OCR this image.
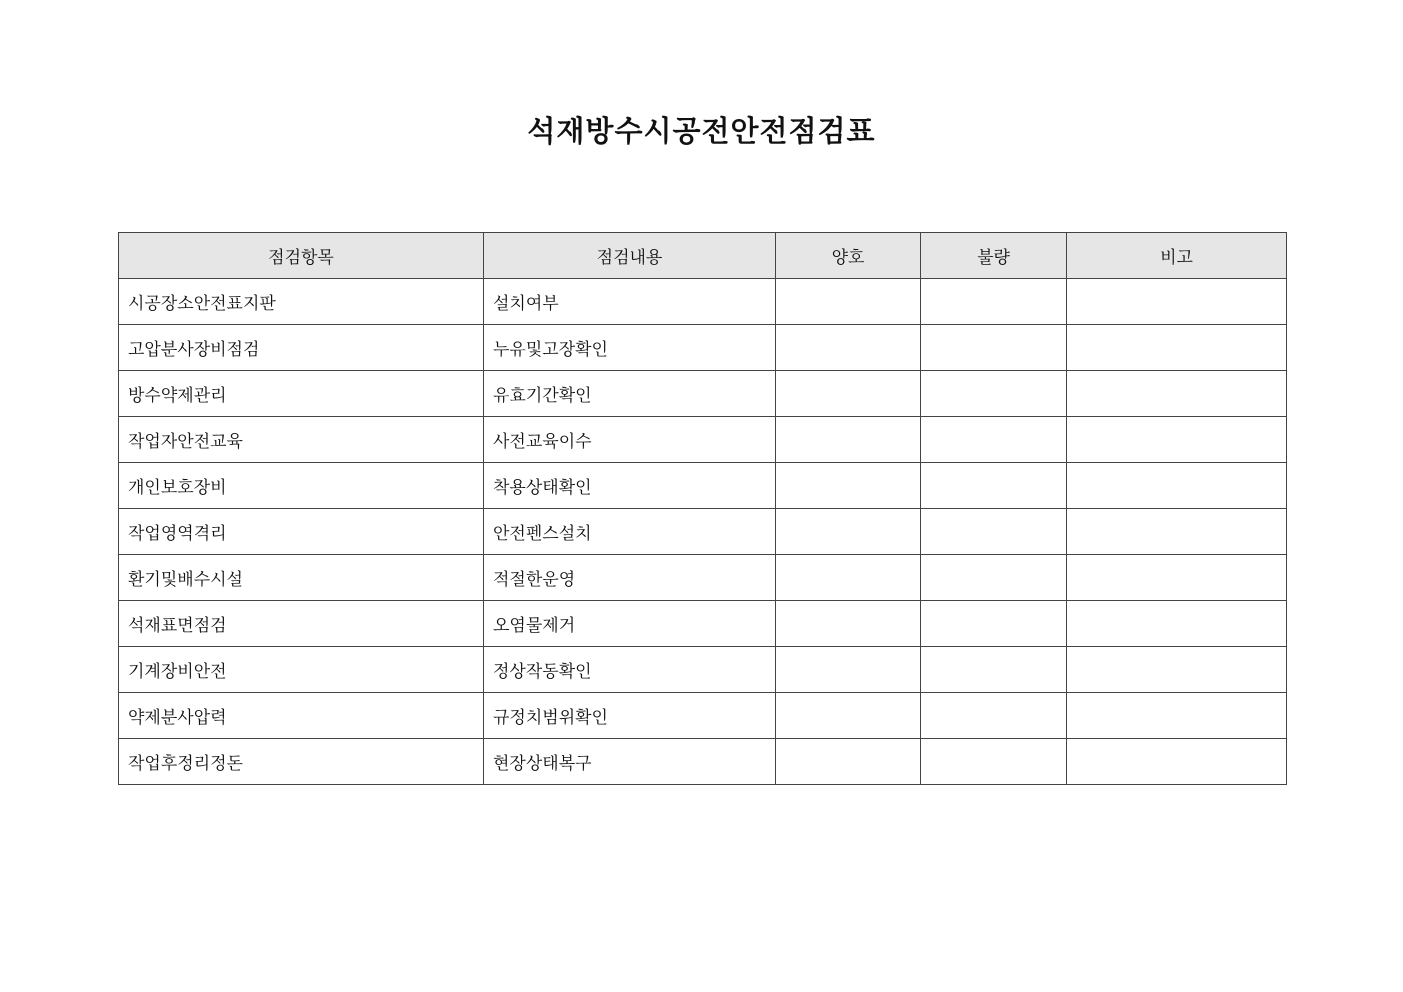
석재방수시공전안전점검표
점검항목	점검내용	양호	불량	비고
시공장소안전표지판	설치여부			
고압분사장비점검	누유및고장확인			
방수약제관리	유효기간확인			
작업자안전교육	사전교육이수			
개인보호장비	착용상태확인			
작업영역격리	안전펜스설치			
환기및배수시설	적절한운영			
석재표면점검	오염물제거			
기계장비안전	정상작동확인			
약제분사압력	규정치범위확인			
작업후정리정돈	현장상태복구			
